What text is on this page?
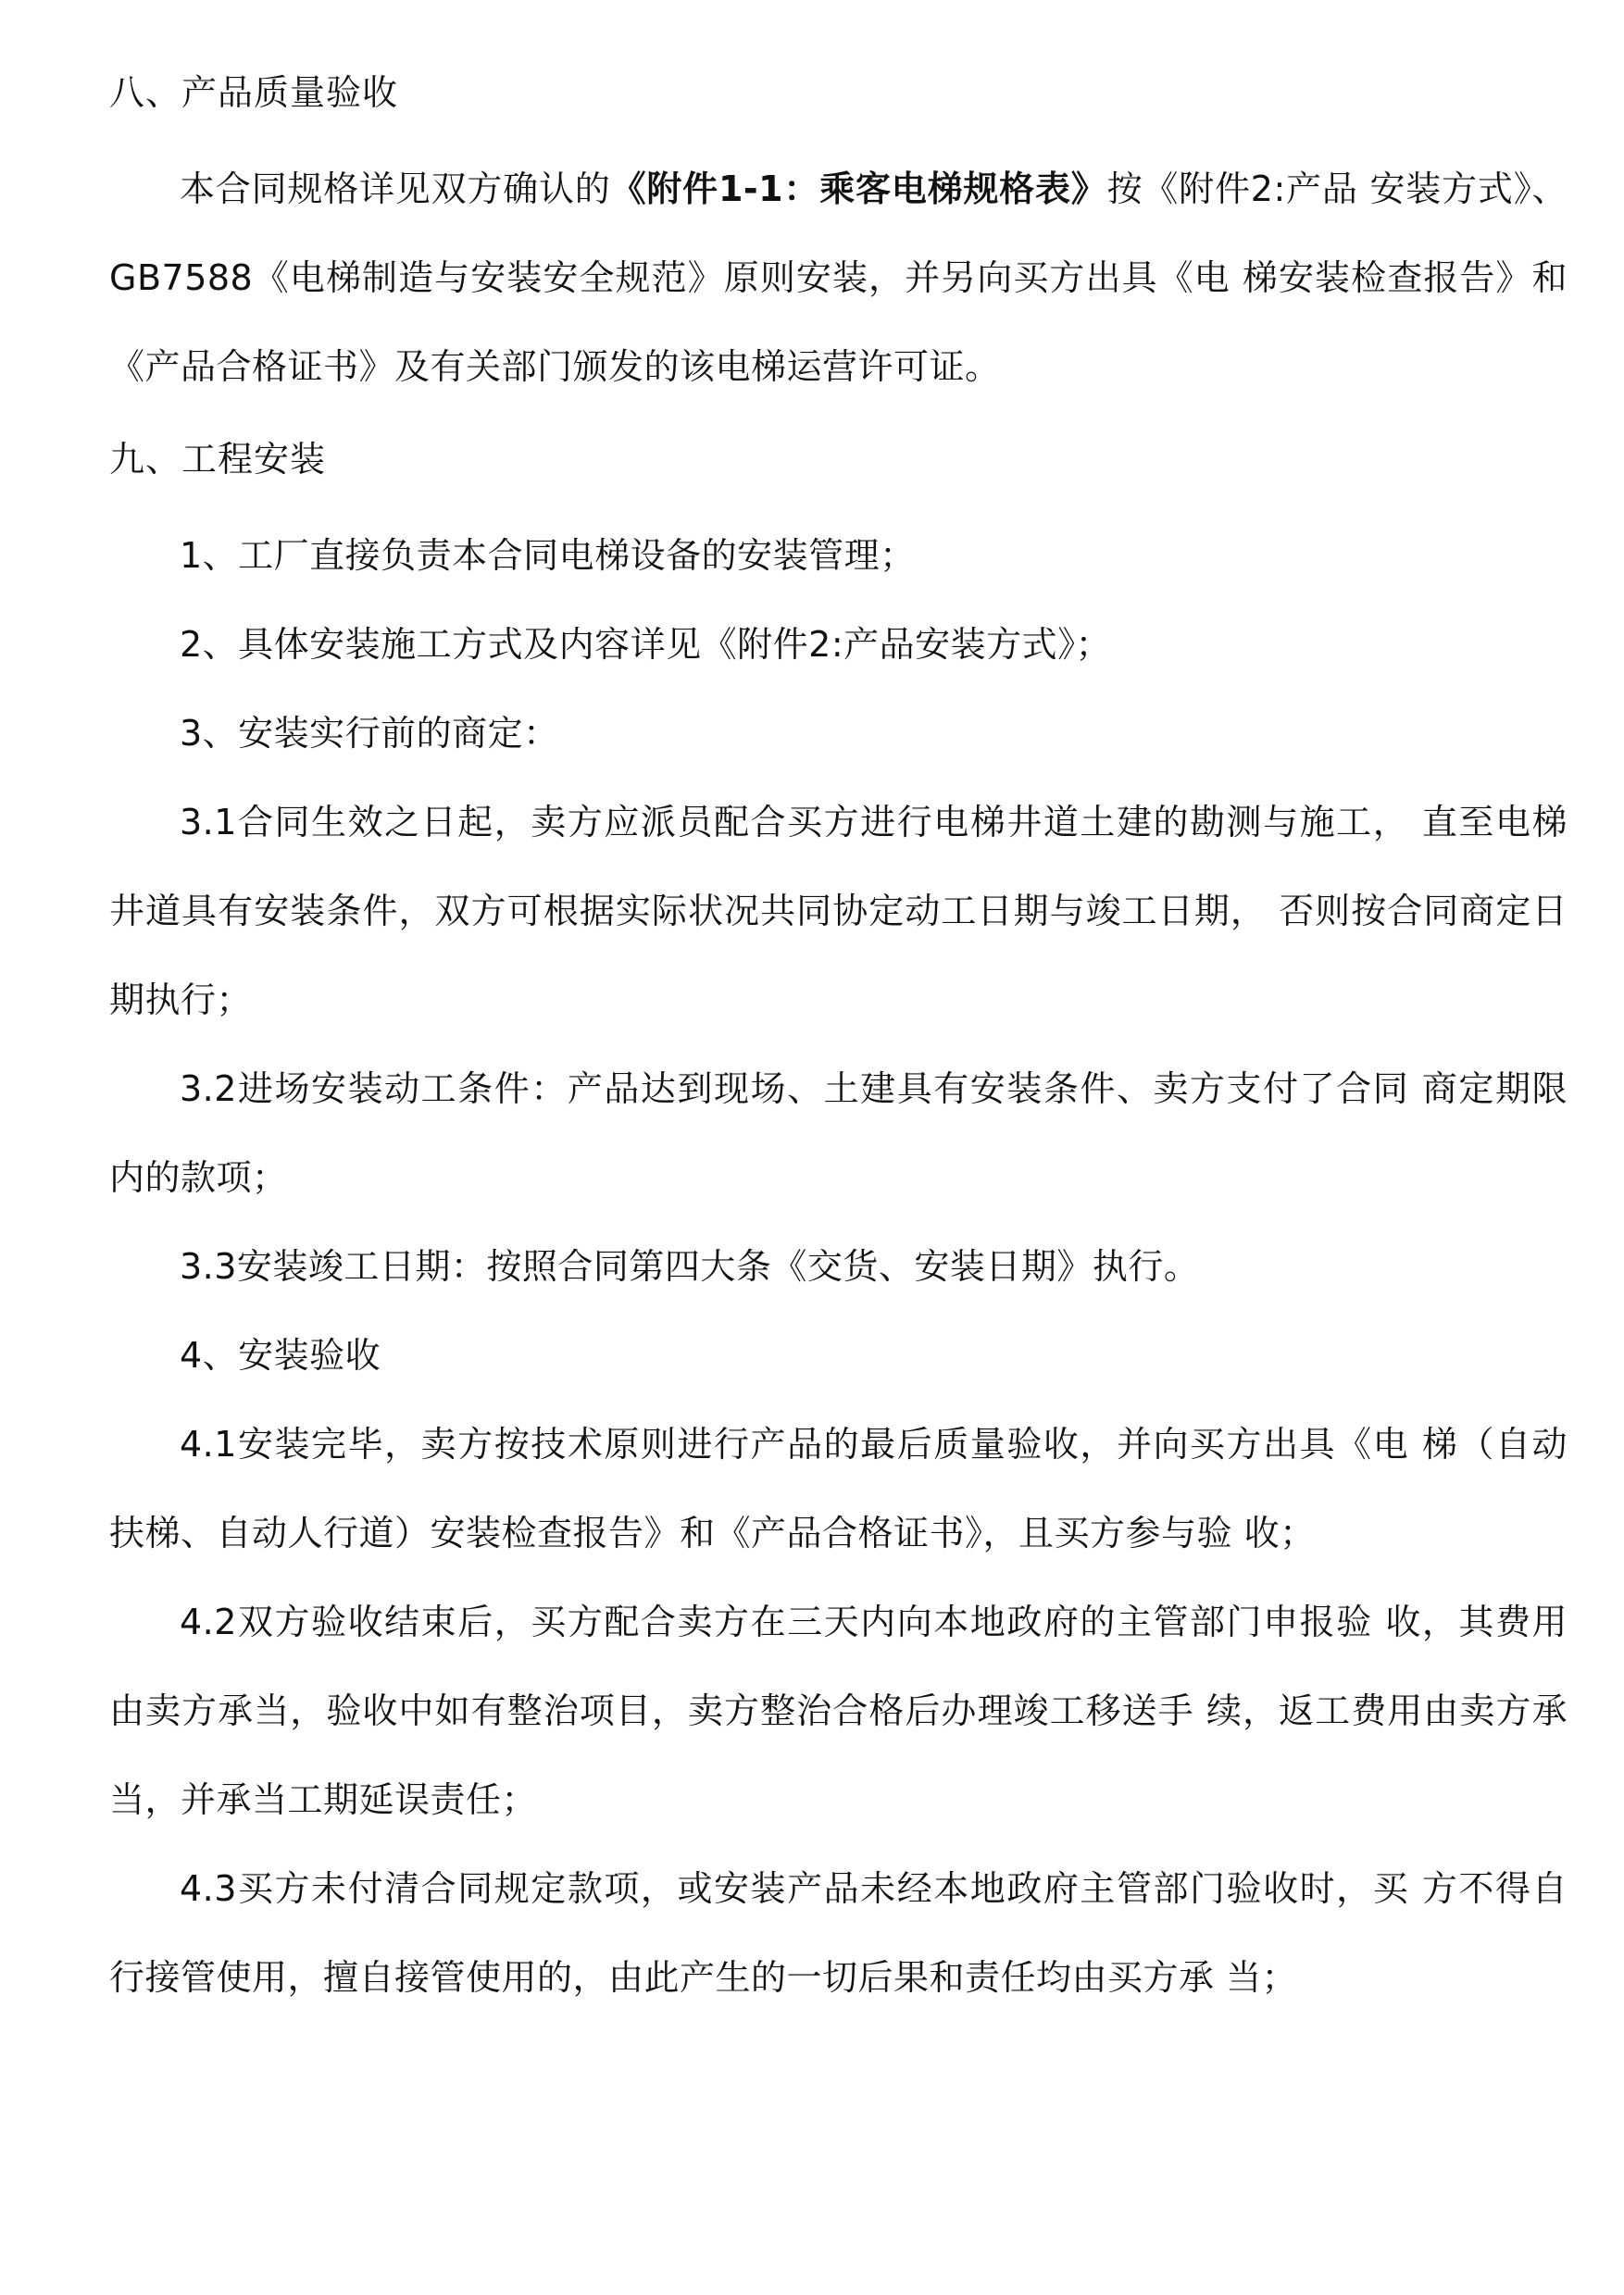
八、产品质量验收

本合同规格详见双方确认的《附件1-1：乘客电梯规格表》按《附件2:产品 安装方式》、GB7588《电梯制造与安装安全规范》原则安装，并另向买方出具《电 梯安装检查报告》和《产品合格证书》及有关部门颁发的该电梯运营许可证。

九、工程安装

1、工厂直接负责本合同电梯设备的安装管理；

2、具体安装施工方式及内容详见《附件2:产品安装方式》；

3、安装实行前的商定：

3.1合同生效之日起，卖方应派员配合买方进行电梯井道土建的勘测与施工， 直至电梯井道具有安装条件，双方可根据实际状况共同协定动工日期与竣工日期， 否则按合同商定日期执行；

3.2进场安装动工条件：产品达到现场、土建具有安装条件、卖方支付了合同 商定期限内的款项；

3.3安装竣工日期：按照合同第四大条《交货、安装日期》执行。

4、安装验收

4.1安装完毕，卖方按技术原则进行产品的最后质量验收，并向买方出具《电 梯（自动扶梯、自动人行道）安装检查报告》和《产品合格证书》，且买方参与验 收；

4.2双方验收结束后，买方配合卖方在三天内向本地政府的主管部门申报验 收，其费用由卖方承当，验收中如有整治项目，卖方整治合格后办理竣工移送手 续，返工费用由卖方承当，并承当工期延误责任；

4.3买方未付清合同规定款项，或安装产品未经本地政府主管部门验收时，买 方不得自行接管使用，擅自接管使用的，由此产生的一切后果和责任均由买方承 当；
